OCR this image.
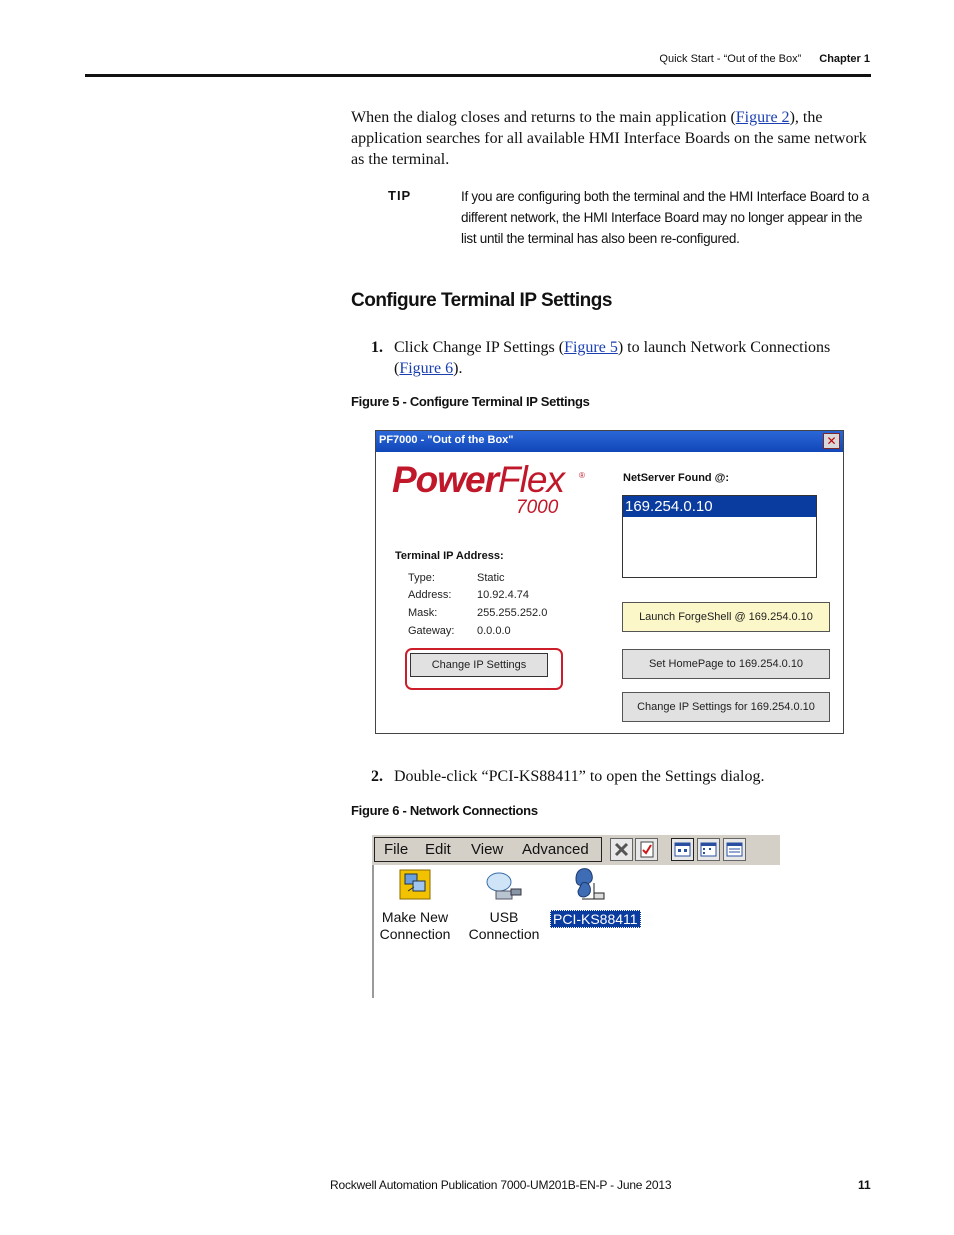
Quick Start - “Out of the Box” Chapter 1
When the dialog closes and returns to the main application (Figure 2), the application searches for all available HMI Interface Boards on the same network as the terminal.
TIP	If you are configuring both the terminal and the HMI Interface Board to a different network, the HMI Interface Board may no longer appear in the list until the terminal has also been re-configured.
Configure Terminal IP Settings
1. Click Change IP Settings (Figure 5) to launch Network Connections (Figure 6).
Figure 5 - Configure Terminal IP Settings
PF7000 - "Out of the Box"	✕
PowerFlex ®
7000
Terminal IP Address:
Type:	Static
Address: 10.92.4.74
Mask:	255.255.252.0
Gateway: 0.0.0.0
Change IP Settings
NetServer Found @:
169.254.0.10
Launch ForgeShell @ 169.254.0.10
Set HomePage to 169.254.0.10
Change IP Settings for 169.254.0.10
2. Double-click “PCI-KS88411” to open the Settings dialog.
Figure 6 - Network Connections
File Edit View Advanced
Make New
Connection
USB
Connection
PCI-KS88411
Rockwell Automation Publication 7000-UM201B-EN-P - June 2013	11
